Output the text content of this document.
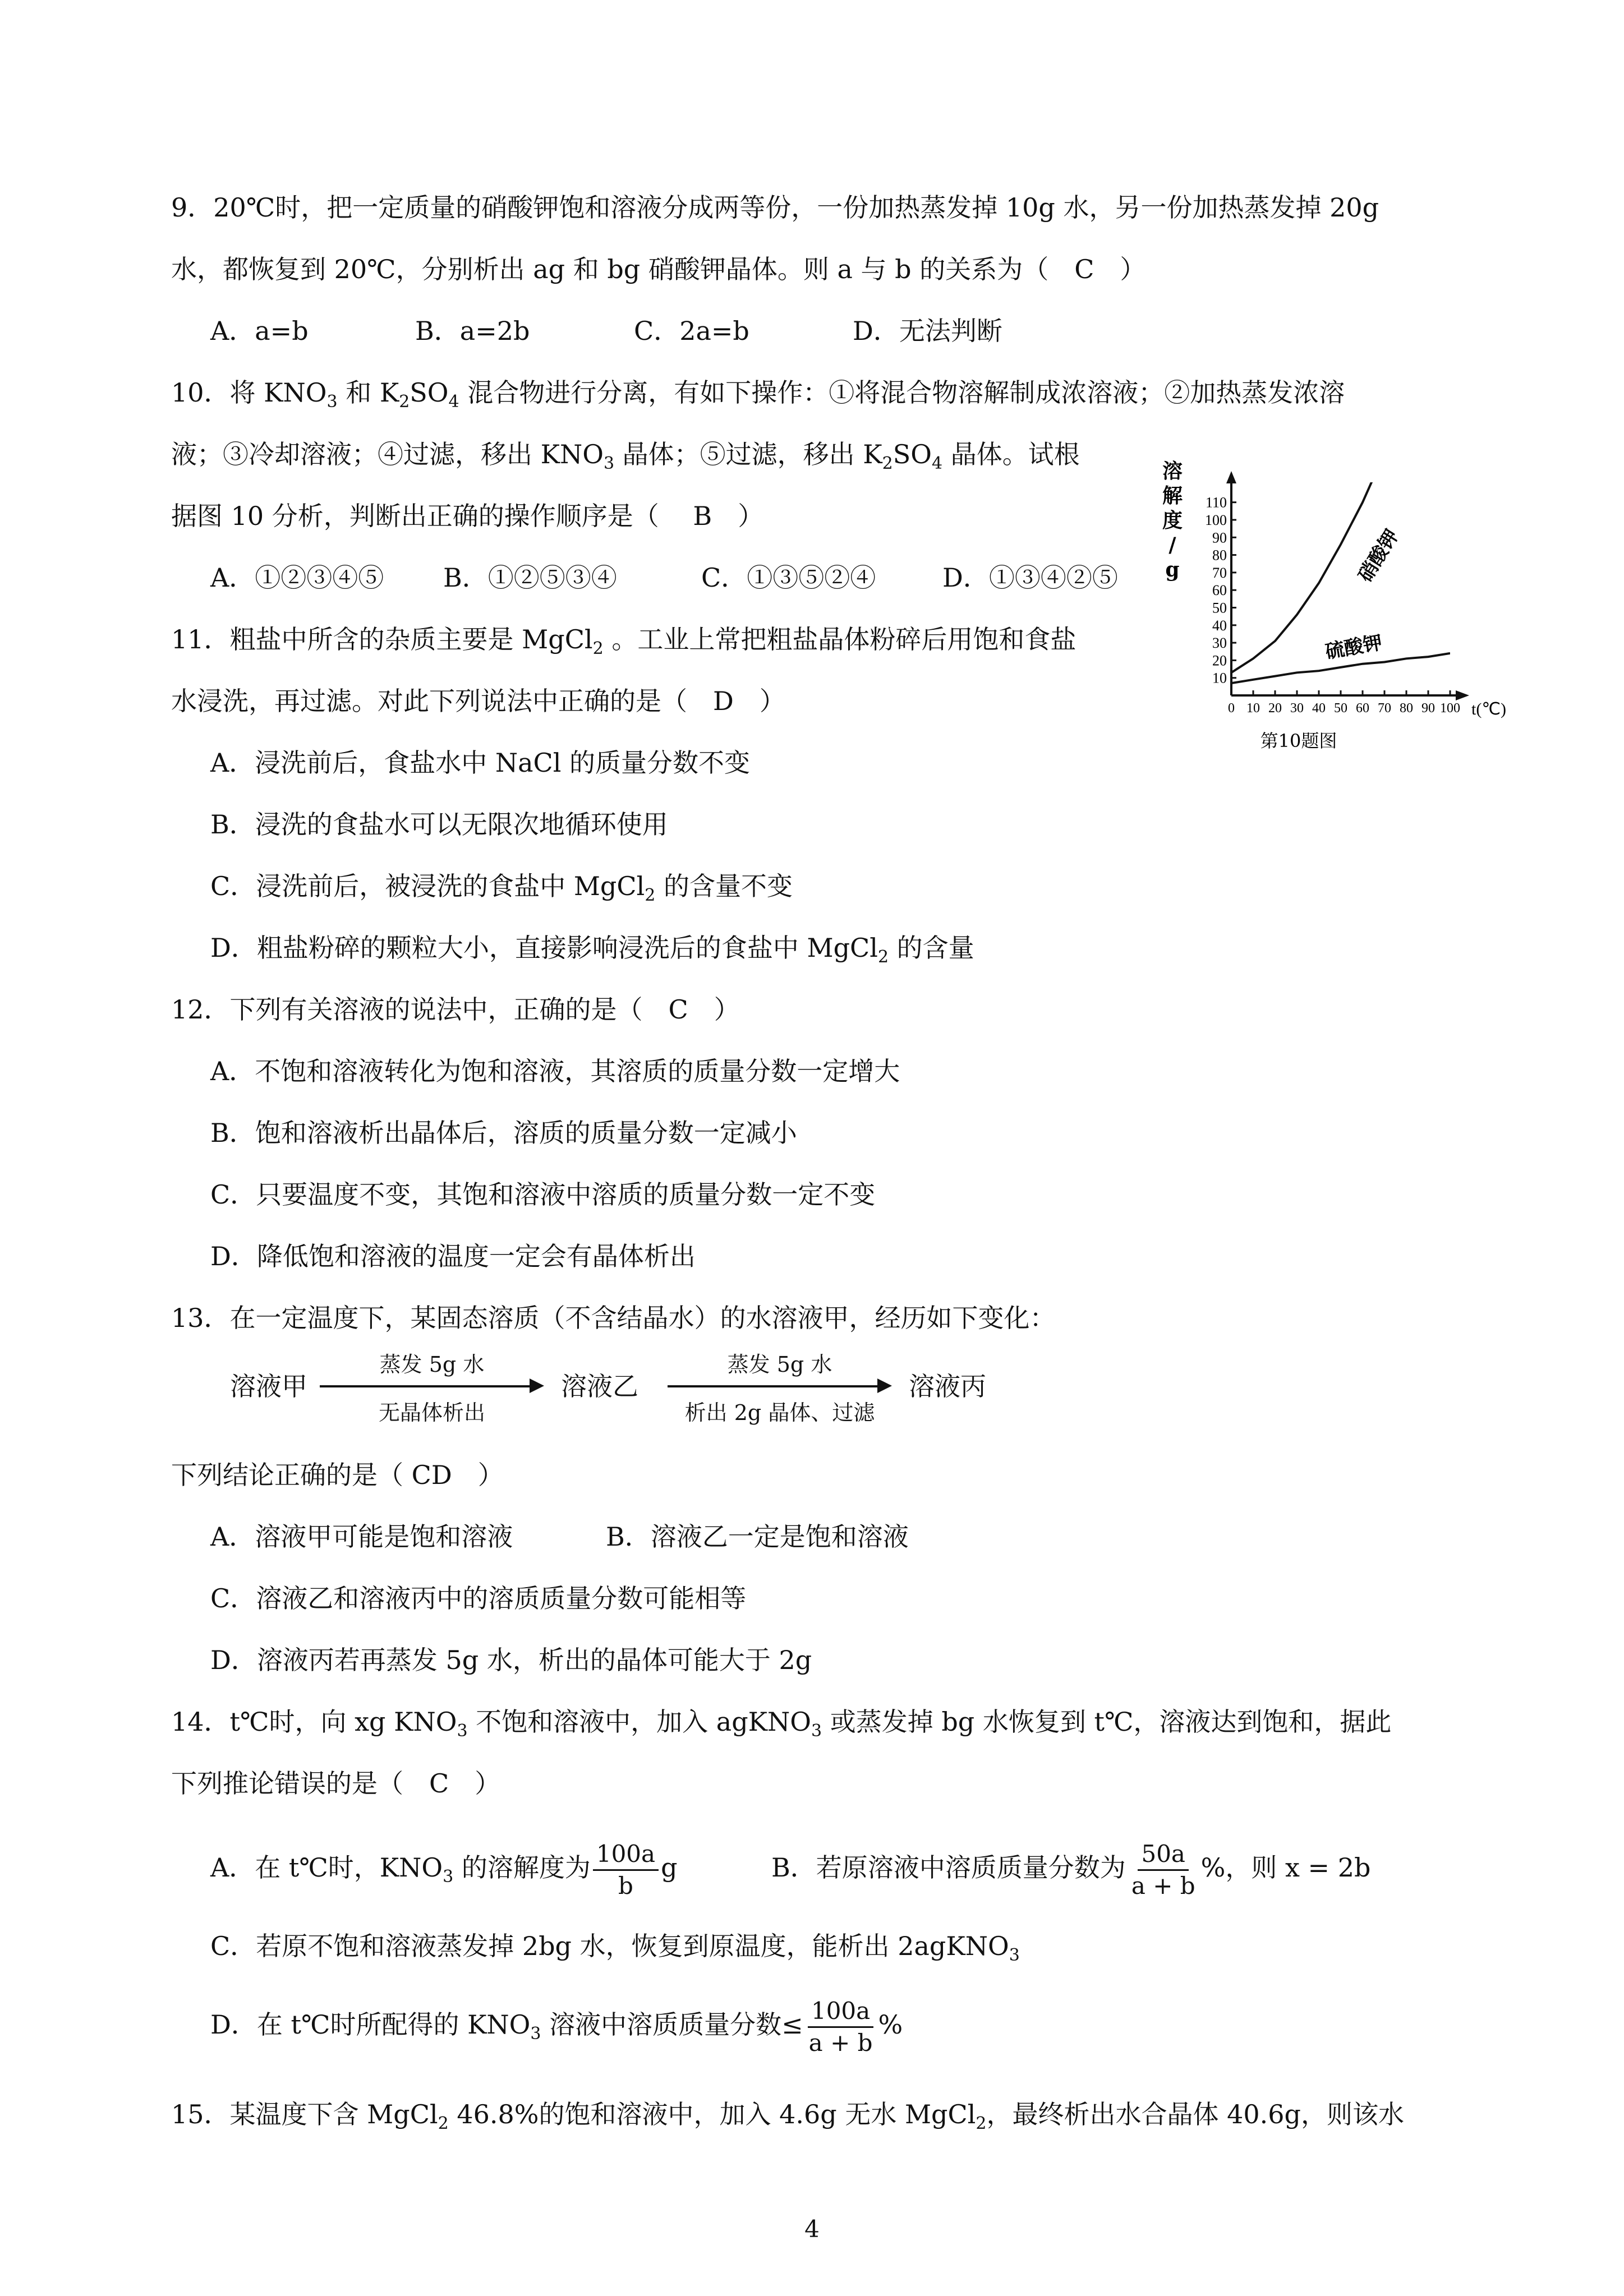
9．20℃时，把一定质量的硝酸钾饱和溶液分成两等份，一份加热蒸发掉 10g 水，另一份加热蒸发掉 20g
水，都恢复到 20℃，分别析出 ag 和 bg 硝酸钾晶体。则 a 与 b 的关系为（　C　）
A．a=b	B．a=2b	C．2a=b	D．无法判断
10．将 $KNO_3$ 和 $K_2SO_4$ 混合物进行分离，有如下操作：①将混合物溶解制成浓溶液；②加热蒸发浓溶
液；③冷却溶液；④过滤，移出 $KNO_3$ 晶体；⑤过滤，移出 $K_2SO_4$ 晶体。试根
据图 10 分析，判断出正确的操作顺序是（　 B　）
A．①②③④⑤ B．①②⑤③④	C．①③⑤②④	D．①③④②⑤
10
20
30
40
50
60
70
80
90
100
110
0 10 20 30 40 50 60 70 80 90 100
溶
解
度
/
g
t(℃)
硝酸钾
硫酸钾
第10题图
11．粗盐中所含的杂质主要是 MgCl$_2$ 。工业上常把粗盐晶体粉碎后用饱和食盐
水浸洗，再过滤。对此下列说法中正确的是（　D　）
A．浸洗前后，食盐水中 NaCl 的质量分数不变
B．浸洗的食盐水可以无限次地循环使用
C．浸洗前后，被浸洗的食盐中 MgCl$_2$ 的含量不变
D．粗盐粉碎的颗粒大小，直接影响浸洗后的食盐中 MgCl$_2$ 的含量
12．下列有关溶液的说法中，正确的是（　C　）
A．不饱和溶液转化为饱和溶液，其溶质的质量分数一定增大
B．饱和溶液析出晶体后，溶质的质量分数一定减小
C．只要温度不变，其饱和溶液中溶质的质量分数一定不变
D．降低饱和溶液的温度一定会有晶体析出
13．在一定温度下，某固态溶质（不含结晶水）的水溶液甲，经历如下变化：
溶液甲
蒸发 5g 水
无晶体析出
溶液乙
蒸发 5g 水
析出 2g 晶体、过滤
溶液丙
下列结论正确的是（ CD　）
A．溶液甲可能是饱和溶液	B．溶液乙一定是饱和溶液
C．溶液乙和溶液丙中的溶质质量分数可能相等
D．溶液丙若再蒸发 5g 水，析出的晶体可能大于 2g
14．t℃时，向 xg $KNO_3$ 不饱和溶液中，加入 agKNO$_3$ 或蒸发掉 bg 水恢复到 t℃，溶液达到饱和，据此
下列推论错误的是（　C　）
A．在 t℃时，$KNO_3$ 的溶解度为 $\frac{100a}{b}$ g	B．若原溶液中溶质质量分数为 $\frac{50a}{a + b}$ %，则 x = 2b
C．若原不饱和溶液蒸发掉 2bg 水，恢复到原温度，能析出 2agKNO$_3$
D．在 t℃时所配得的 $KNO_3$ 溶液中溶质质量分数≤ $\frac{100a}{a + b}$ %
15．某温度下含 MgCl$_2$ 46.8%的饱和溶液中，加入 4.6g 无水 MgCl$_2$，最终析出水合晶体 40.6g，则该水
4
